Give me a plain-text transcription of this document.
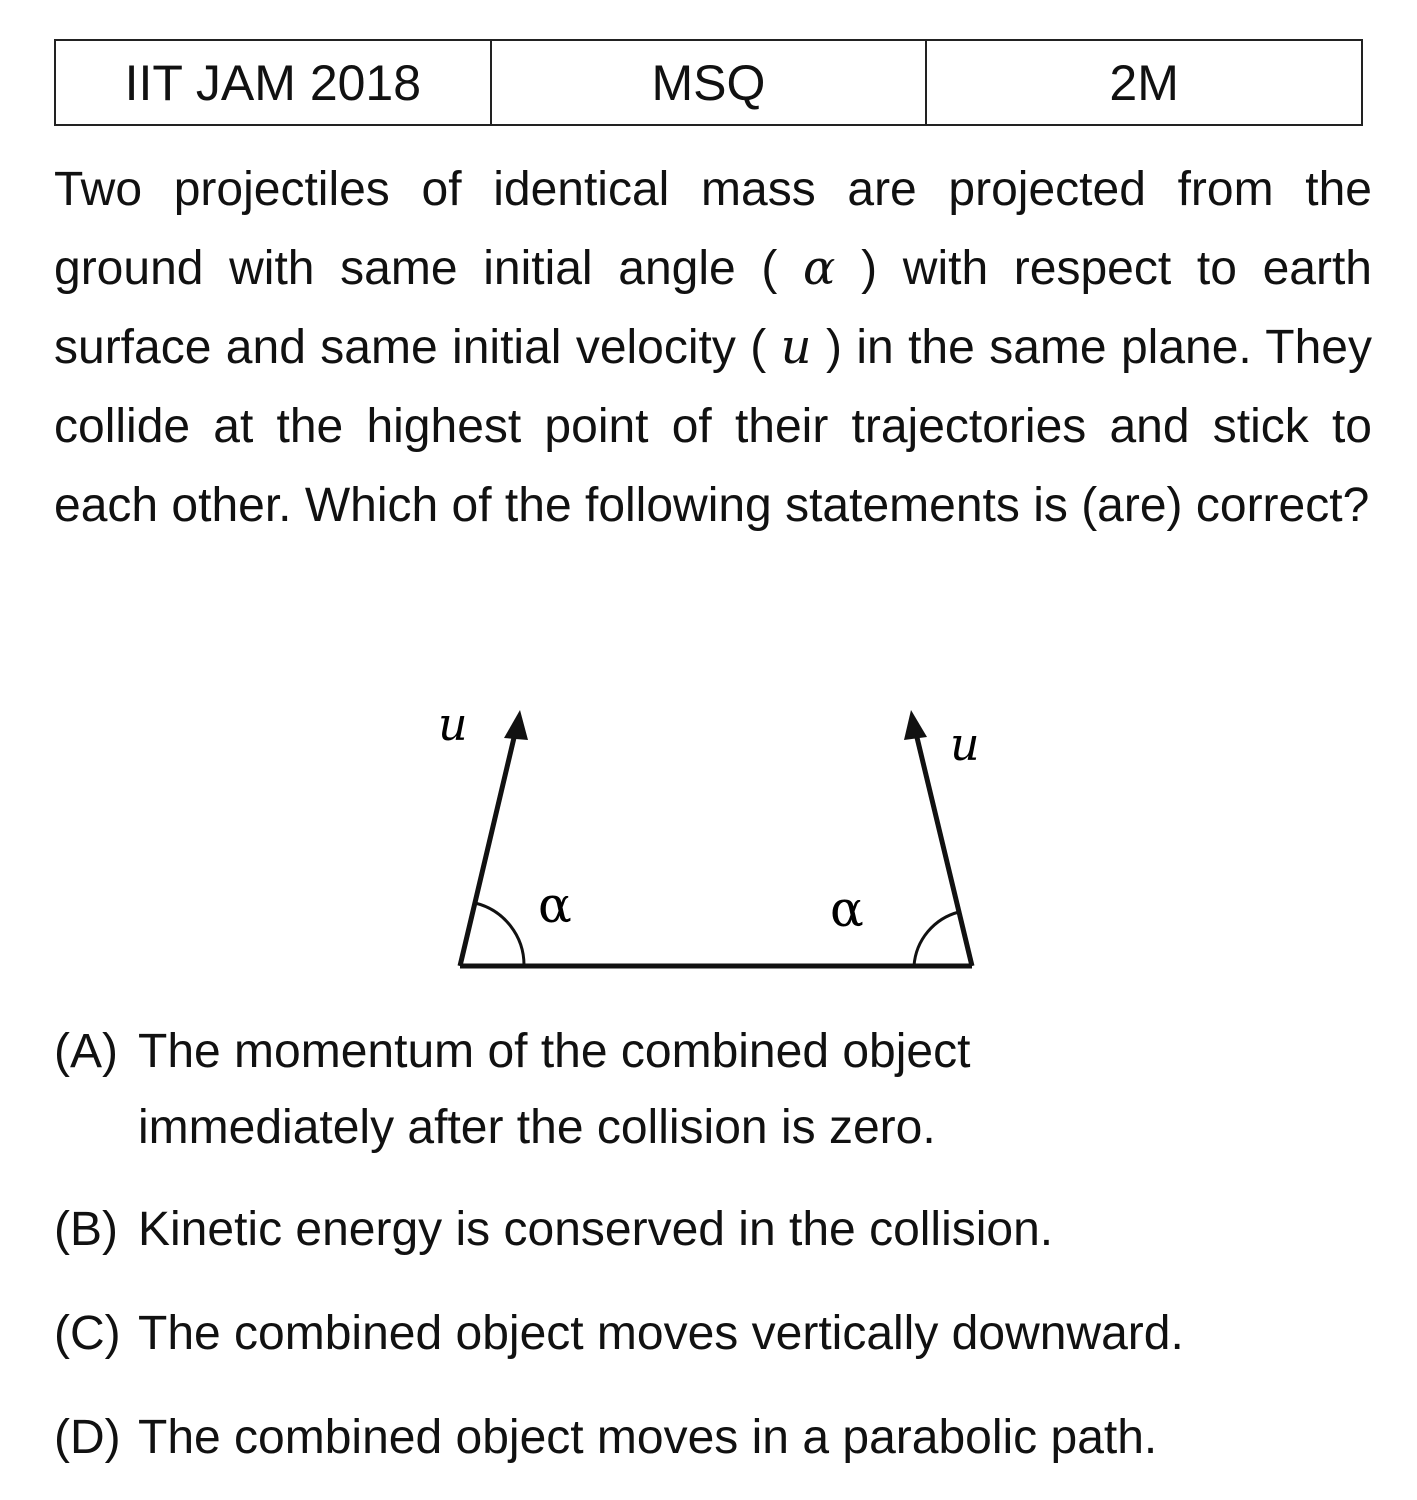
IIT JAM 2018	MSQ	2M

Two projectiles of identical mass are projected from the ground with same initial angle ( α ) with respect to earth surface and same initial velocity ( u ) in the same plane. They collide at the highest point of their trajectories and stick to each other. Which of the following statements is (are) correct?

u	u
α	α
(A) The momentum of the combined object
immediately after the collision is zero.
(B) Kinetic energy is conserved in the collision.
(C) The combined object moves vertically downward.
(D) The combined object moves in a parabolic path.
